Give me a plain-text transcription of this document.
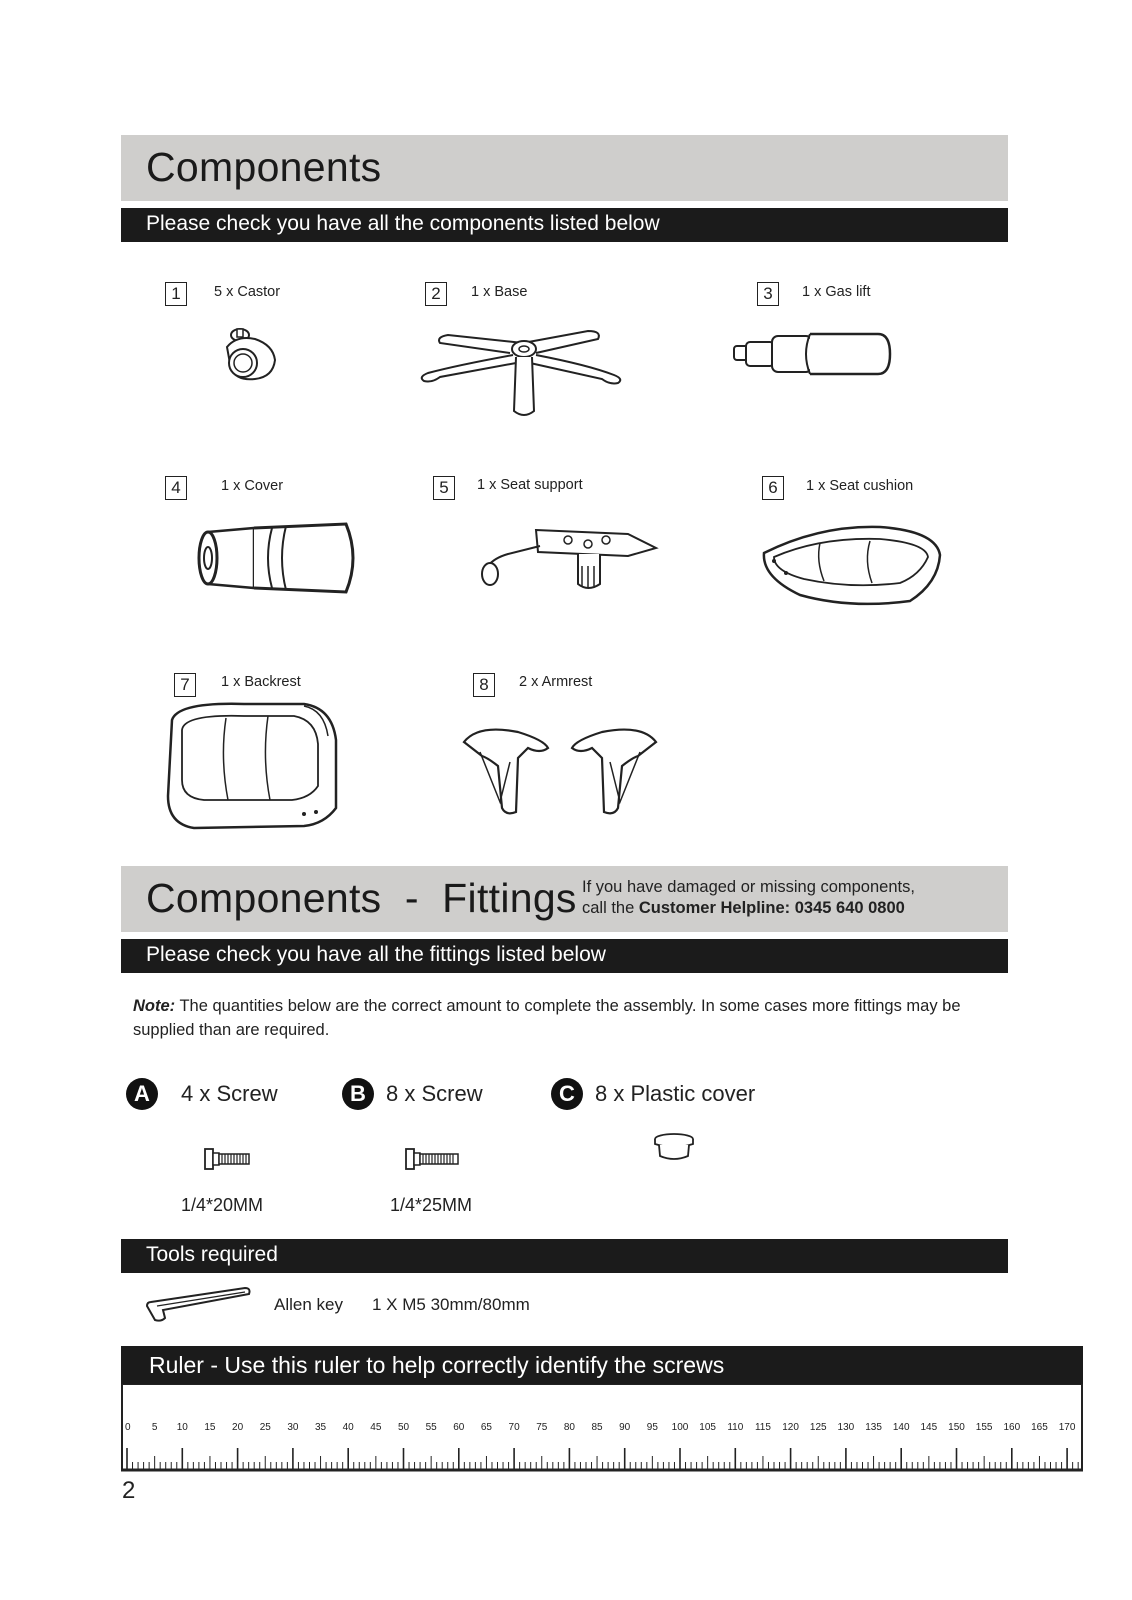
Components
Please check you have all the components listed below
1	5 x Castor	2	1 x Base	3	1 x Gas lift
4	1 x Cover	5	1 x Seat support	6	1 x Seat cushion
7	1 x Backrest	8	2 x Armrest
Components  -  Fittings If you have damaged or missing components,
call the Customer Helpline: 0345 640 0800
Please check you have all the fittings listed below
Note: The quantities below are the correct amount to complete the assembly. In some cases more fittings may be supplied than are required.
A	4 x Screw
1/4*20MM
B 8 x Screw
1/4*25MM
C 8 x Plastic cover
Tools required
Allen key 1 X M5 30mm/80mm
Ruler - Use this ruler to help correctly identify the screws
0 5 10 15 20 25 30 35 40 45 50 55 60 65 70 75 80 85 90 95 100 105 110 115 120 125 130 135 140 145 150 155 160 165 170
2
